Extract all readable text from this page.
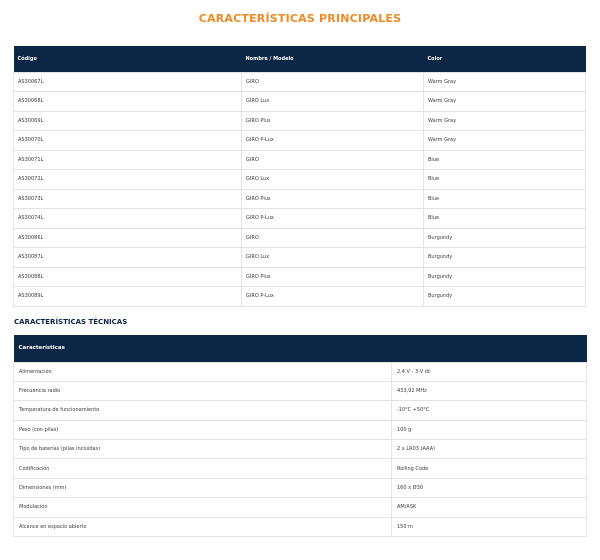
CARACTERÍSTICAS PRINCIPALES
Código	Nombre / Modelo	Color
AS30067L	GIRO	Warm Gray
AS30068L	GIRO Lux	Warm Gray
AS30069L	GIRO Plus	Warm Gray
AS30070L	GIRO P-Lux	Warm Gray
AS30071L	GIRO	Blue
AS30072L	GIRO Lux	Blue
AS30073L	GIRO Plus	Blue
AS30074L	GIRO P-Lux	Blue
AS30086L	GIRO	Burgundy
AS30087L	GIRO Lux	Burgundy
AS30088L	GIRO Plus	Burgundy
AS30089L	GIRO P-Lux	Burgundy
CARACTERÍSTICAS TÉCNICAS
Características	
Alimentación	2,4 V - 3 V dc
Frecuencia radio	433,92 MHz
Temperatura de funcionamiento	-10°C +50°C
Peso (con pilas)	100 g
Tipo de baterías (pilas incluidas)	2 x LR03 (AAA)
Codificación	Rolling Code
Dimensiones (mm)	160 x Ø30
Modulación	AM/ASK
Alcance en espacio abierto	150 m
